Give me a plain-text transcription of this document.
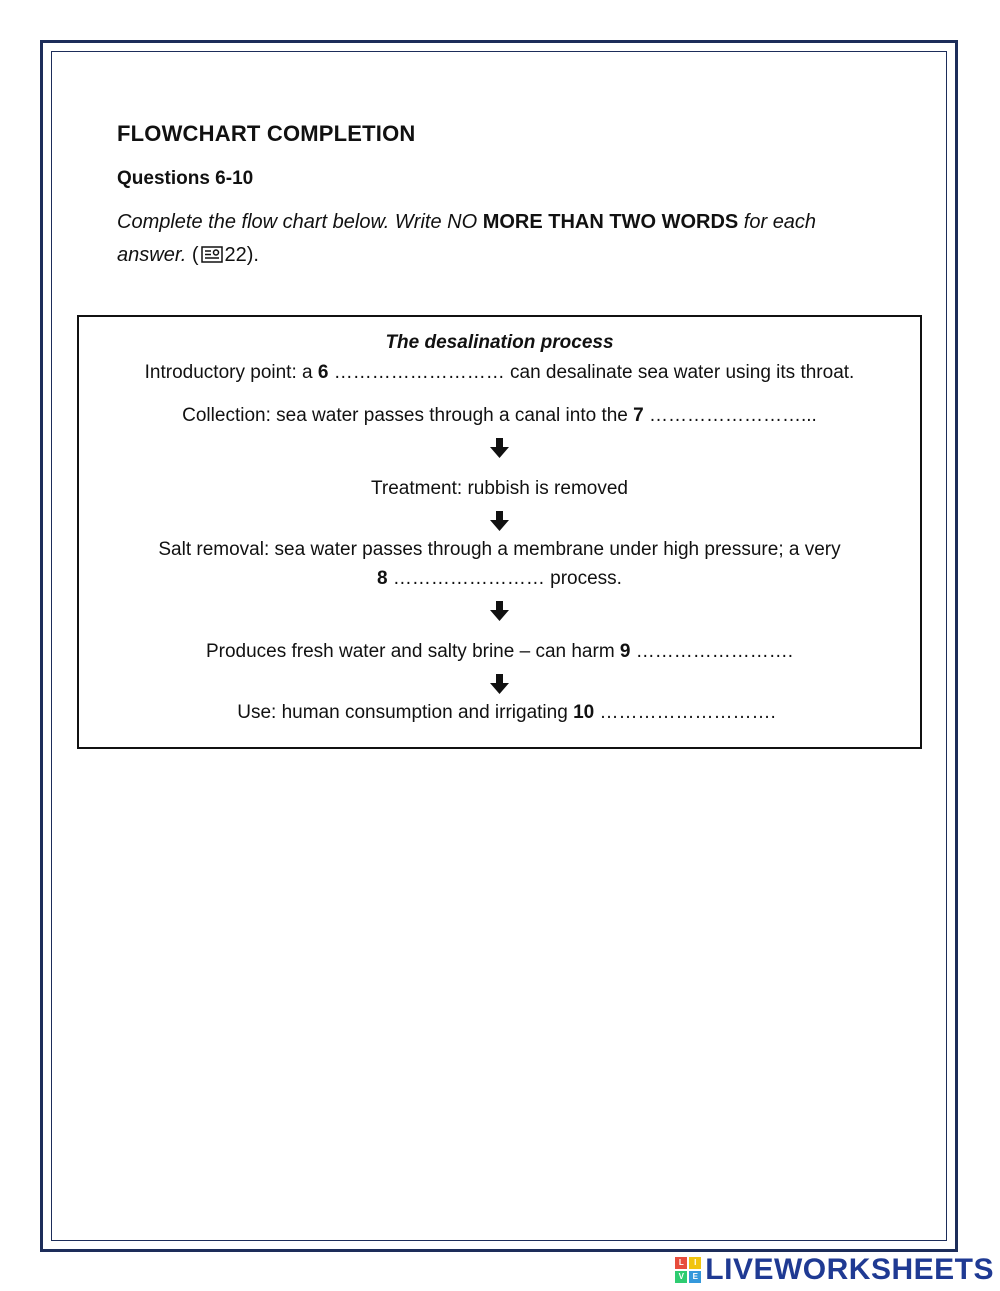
FLOWCHART COMPLETION
Questions 6-10
Complete the flow chart below. Write NO MORE THAN TWO WORDS for each answer. ( 22).
The desalination process
Introductory point: a 6 ……………………… can desalinate sea water using its throat.
Collection: sea water passes through a canal into the 7 ……………………...
Treatment: rubbish is removed
Salt removal: sea water passes through a membrane under high pressure; a very
8 …………………… process.
Produces fresh water and salty brine – can harm 9 …………………….
Use: human consumption and irrigating 10 ……………………….
L	I
V	E LIVEWORKSHEETS
